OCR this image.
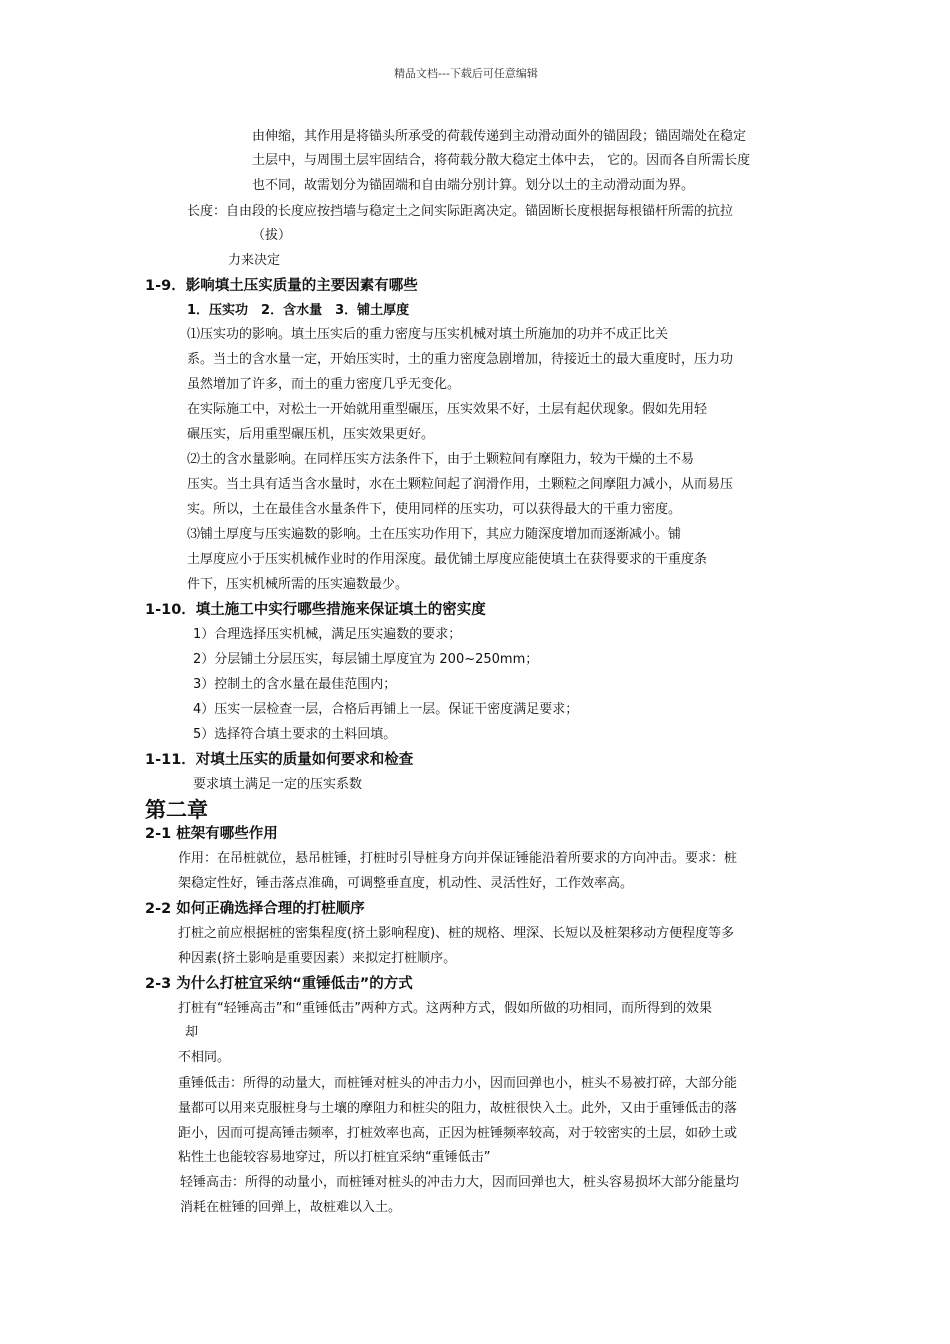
精品文档---下载后可任意编辑
由伸缩，其作用是将锚头所承受的荷载传递到主动滑动面外的锚固段；锚固端处在稳定
土层中，与周围土层牢固结合，将荷载分散大稳定土体中去， 它的。因而各自所需长度
也不同，故需划分为锚固端和自由端分别计算。划分以土的主动滑动面为界。
长度：自由段的长度应按挡墙与稳定土之间实际距离决定。锚固断长度根据每根锚杆所需的抗拉
（拔）
力来决定
1-9．影响填土压实质量的主要因素有哪些
1．压实功　2．含水量　3．铺土厚度
⑴压实功的影响。填土压实后的重力密度与压实机械对填土所施加的功并不成正比关
系。当土的含水量一定，开始压实时，土的重力密度急剧增加，待接近土的最大重度时，压力功
虽然增加了许多，而土的重力密度几乎无变化。
在实际施工中，对松土一开始就用重型碾压，压实效果不好，土层有起伏现象。假如先用轻
碾压实，后用重型碾压机，压实效果更好。
⑵土的含水量影响。在同样压实方法条件下，由于土颗粒间有摩阻力，较为干燥的土不易
压实。当土具有适当含水量时，水在土颗粒间起了润滑作用，土颗粒之间摩阻力减小，从而易压
实。所以，土在最佳含水量条件下，使用同样的压实功，可以获得最大的干重力密度。
⑶铺土厚度与压实遍数的影响。土在压实功作用下，其应力随深度增加而逐渐减小。铺
土厚度应小于压实机械作业时的作用深度。最优铺土厚度应能使填土在获得要求的干重度条
件下，压实机械所需的压实遍数最少。
1-10．填土施工中实行哪些措施来保证填土的密实度
1）合理选择压实机械，满足压实遍数的要求；
2）分层铺土分层压实，每层铺土厚度宜为 200~250mm；
3）控制土的含水量在最佳范围内；
4）压实一层检查一层，合格后再铺上一层。保证干密度满足要求；
5）选择符合填土要求的土料回填。
1-11．对填土压实的质量如何要求和检查
要求填土满足一定的压实系数
第二章
2-1 桩架有哪些作用
作用：在吊桩就位，悬吊桩锤，打桩时引导桩身方向并保证锤能沿着所要求的方向冲击。要求：桩
架稳定性好，锤击落点准确，可调整垂直度，机动性、灵活性好，工作效率高。
2-2 如何正确选择合理的打桩顺序
打桩之前应根据桩的密集程度(挤土影响程度)、桩的规格、埋深、长短以及桩架移动方便程度等多
种因素(挤土影响是重要因素）来拟定打桩顺序。
2-3 为什么打桩宜采纳“重锤低击”的方式
打桩有“轻锤高击”和“重锤低击”两种方式。这两种方式，假如所做的功相同，而所得到的效果
却
不相同。
重锤低击：所得的动量大，而桩锤对桩头的冲击力小，因而回弹也小，桩头不易被打碎，大部分能
量都可以用来克服桩身与土壤的摩阻力和桩尖的阻力，故桩很快入土。此外，又由于重锤低击的落
距小，因而可提高锤击频率，打桩效率也高，正因为桩锤频率较高，对于较密实的土层，如砂土或
粘性土也能较容易地穿过，所以打桩宜采纳“重锤低击”
轻锤高击：所得的动量小，而桩锤对桩头的冲击力大，因而回弹也大，桩头容易损坏大部分能量均
消耗在桩锤的回弹上，故桩难以入土。
